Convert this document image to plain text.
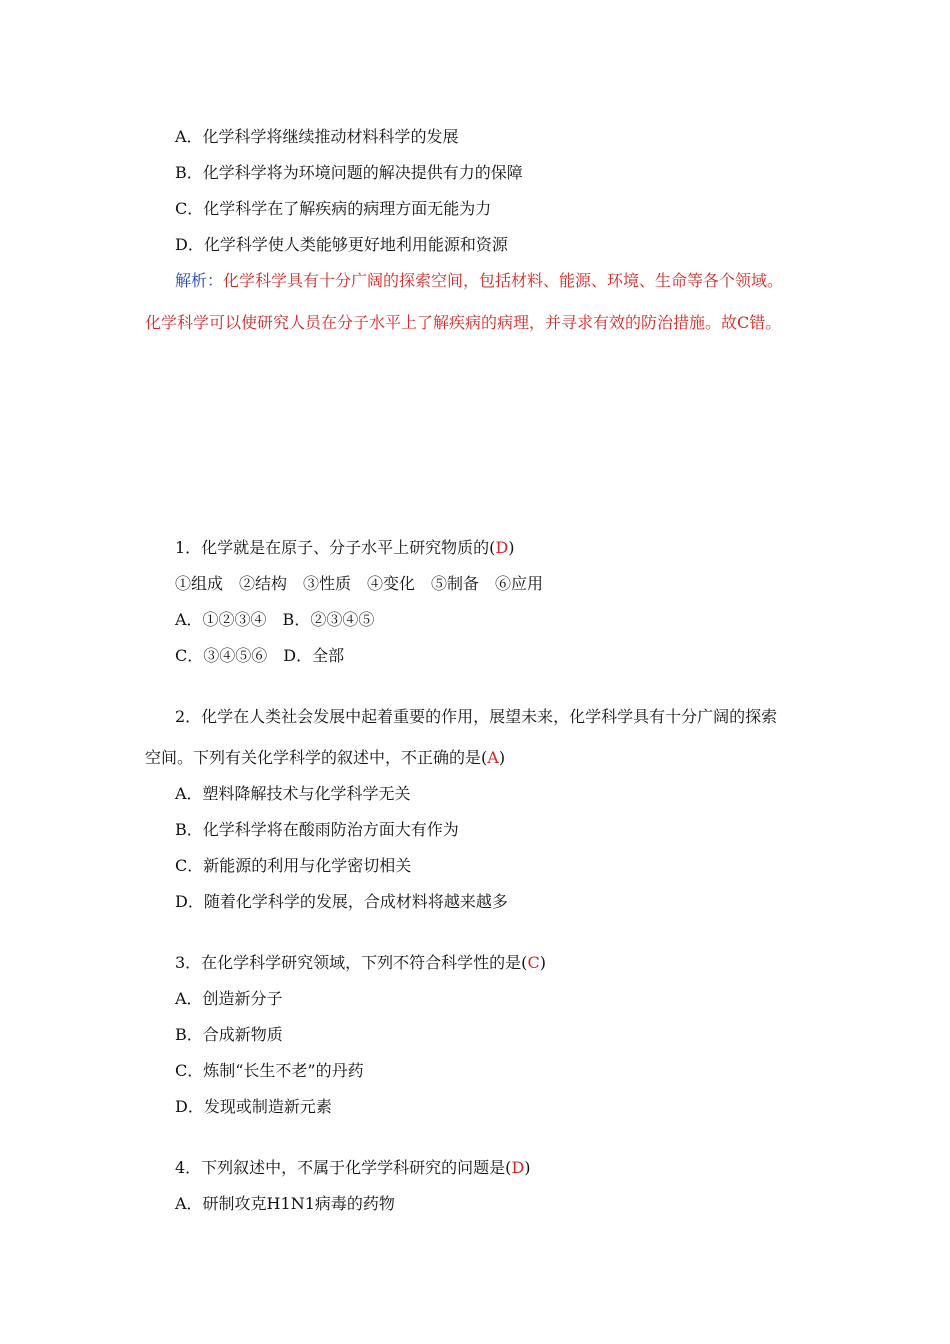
A．化学科学将继续推动材料科学的发展
B．化学科学将为环境问题的解决提供有力的保障
C．化学科学在了解疾病的病理方面无能为力
D．化学科学使人类能够更好地利用能源和资源
解析：化学科学具有十分广阔的探索空间，包括材料、能源、环境、生命等各个领域。
化学科学可以使研究人员在分子水平上了解疾病的病理，并寻求有效的防治措施。故C错。
1．化学就是在原子、分子水平上研究物质的(D)
①组成　②结构　③性质　④变化　⑤制备　⑥应用
A．①②③④　B．②③④⑤
C．③④⑤⑥　D．全部
2．化学在人类社会发展中起着重要的作用，展望未来，化学科学具有十分广阔的探索
空间。下列有关化学科学的叙述中，不正确的是(A)
A．塑料降解技术与化学科学无关
B．化学科学将在酸雨防治方面大有作为
C．新能源的利用与化学密切相关
D．随着化学科学的发展，合成材料将越来越多
3．在化学科学研究领域，下列不符合科学性的是(C)
A．创造新分子
B．合成新物质
C．炼制“长生不老”的丹药
D．发现或制造新元素
4．下列叙述中，不属于化学学科研究的问题是(D)
A．研制攻克H1N1病毒的药物
